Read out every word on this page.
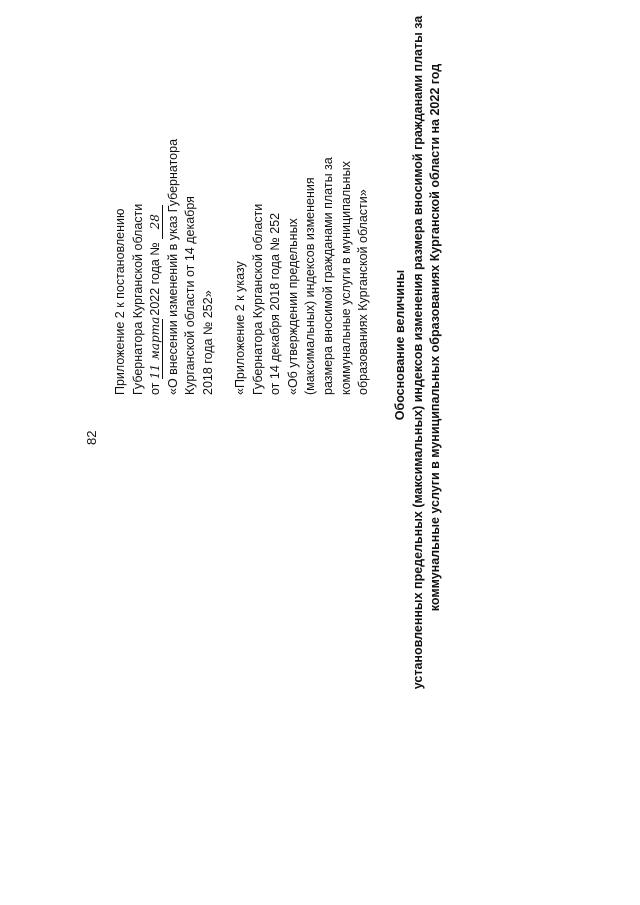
82
Приложение 2 к постановлению Губернатора Курганской области от 11 марта 2022 года № 28 «О внесении изменений в указ Губернатора Курганской области от 14 декабря 2018 года № 252» «Приложение 2 к указу Губернатора Курганской области от 14 декабря 2018 года № 252 «Об утверждении предельных (максимальных) индексов изменения размера вносимой гражданами платы за коммунальные услуги в муниципальных образованиях Курганской области» Обоснование величины установленных предельных (максимальных) индексов изменения размера вносимой гражданами платы за коммунальные услуги в муниципальных образованиях Курганской области на 2022 год
